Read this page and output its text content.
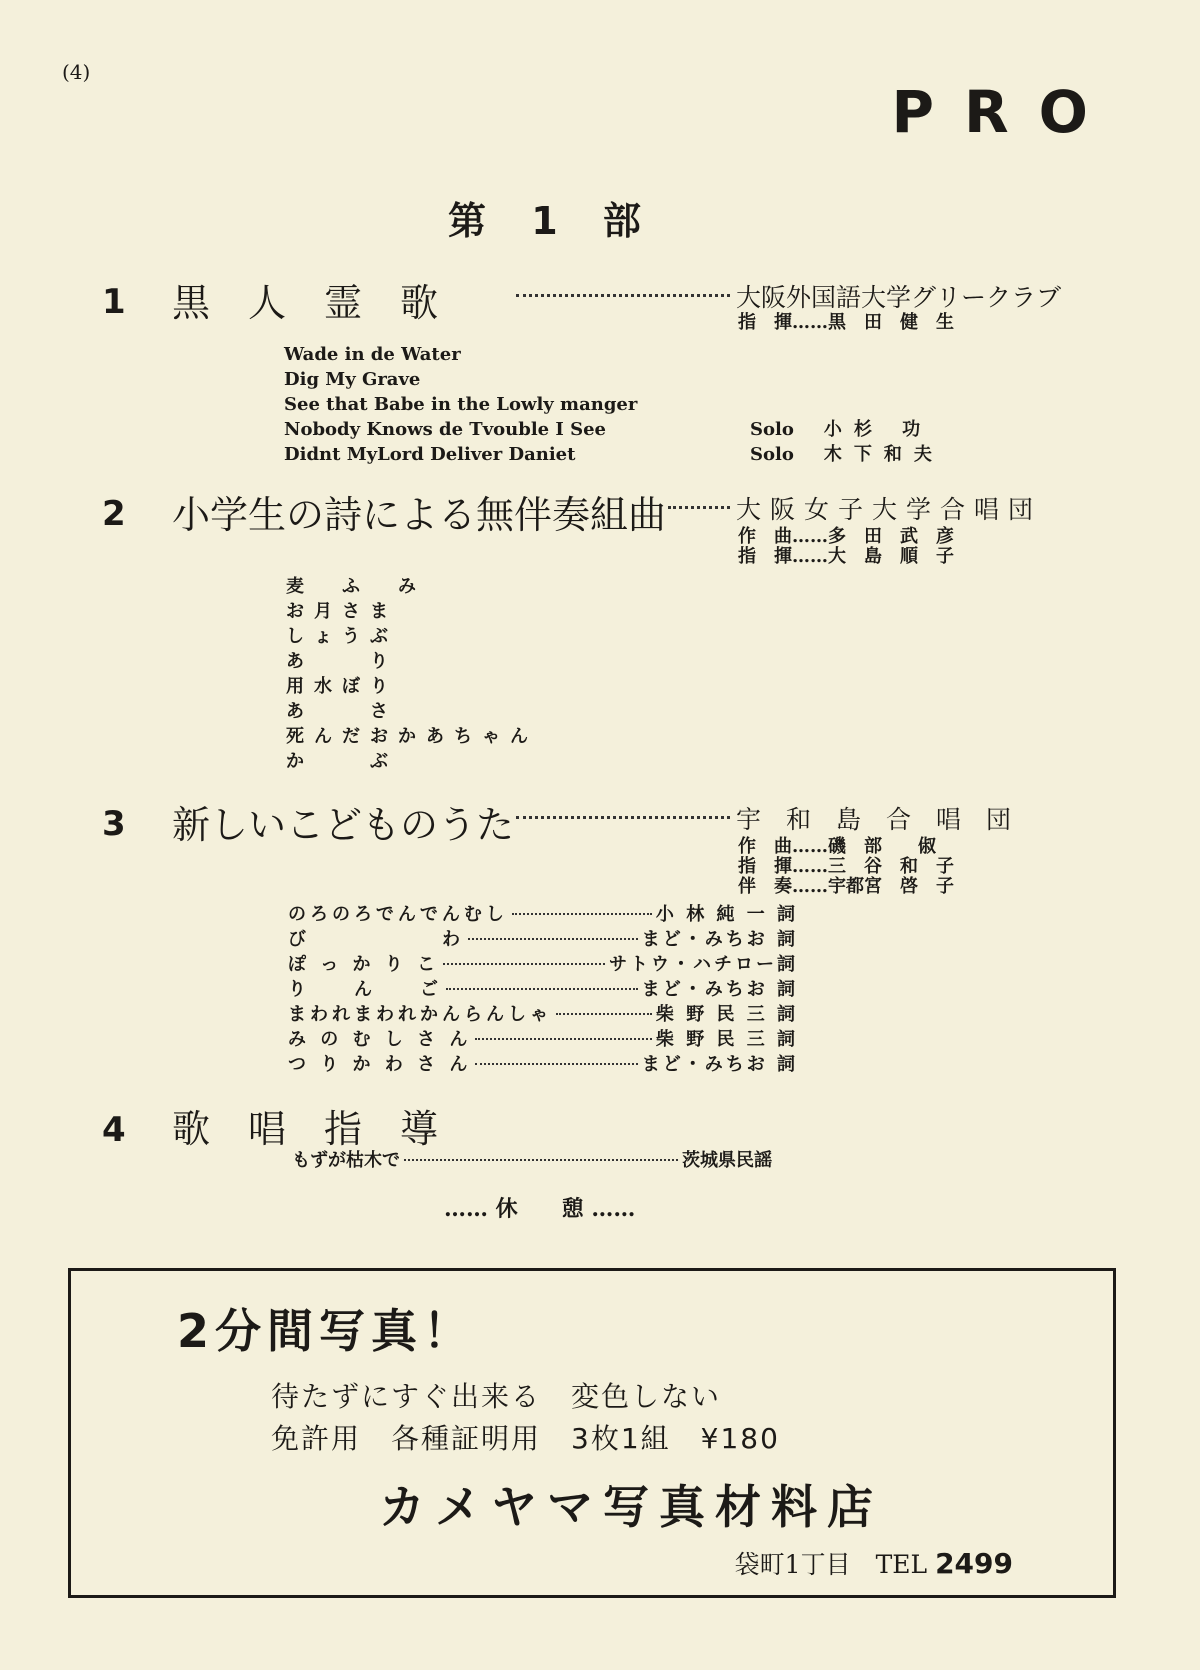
(4)
PRO
第 1 部
1 黒　人　霊　歌	大阪外国語大学グリークラブ
指　揮……黒　田　健　生
Wade in de Water
Dig My Grave
See that Babe in the Lowly manger
Nobody Knows de Tvouble I See
Didnt MyLord Deliver Daniet
Solo 小杉 功
Solo 木下和夫
2 小学生の詩による無伴奏組曲	大阪女子大学合唱団
作　曲……多　田　武　彦
指　揮……大　島　順　子
麦　ふ　み
お月さま
しょうぶ
あ　　り
用水ぼり
あ　　さ
死んだおかあちゃん
か　　ぶ
3 新しいこどものうた	宇　和　島　合　唱　団
作　曲……磯　部　　俶
指　揮……三　谷　和　子
伴　奏……宇都宮　啓　子
のろのろでんでんむし	小 林 純 一 詞
び　　　　　　わ	まど・みちお 詞
ぽ っ か り こ	サトウ・ハチロー詞
り　　ん　　ご	まど・みちお 詞
まわれまわれかんらんしゃ	柴 野 民 三 詞
み の む し さ ん	柴 野 民 三 詞
つ り か わ さ ん	まど・みちお 詞
4 歌　唱　指　導
もずが枯木で	茨城県民謡
…… 休　　憩 ……
2分間写真！
待たずにすぐ出来る　変色しない
免許用　各種証明用　3枚1組　¥180
カメヤマ写真材料店
袋町1丁目　TEL 2499
